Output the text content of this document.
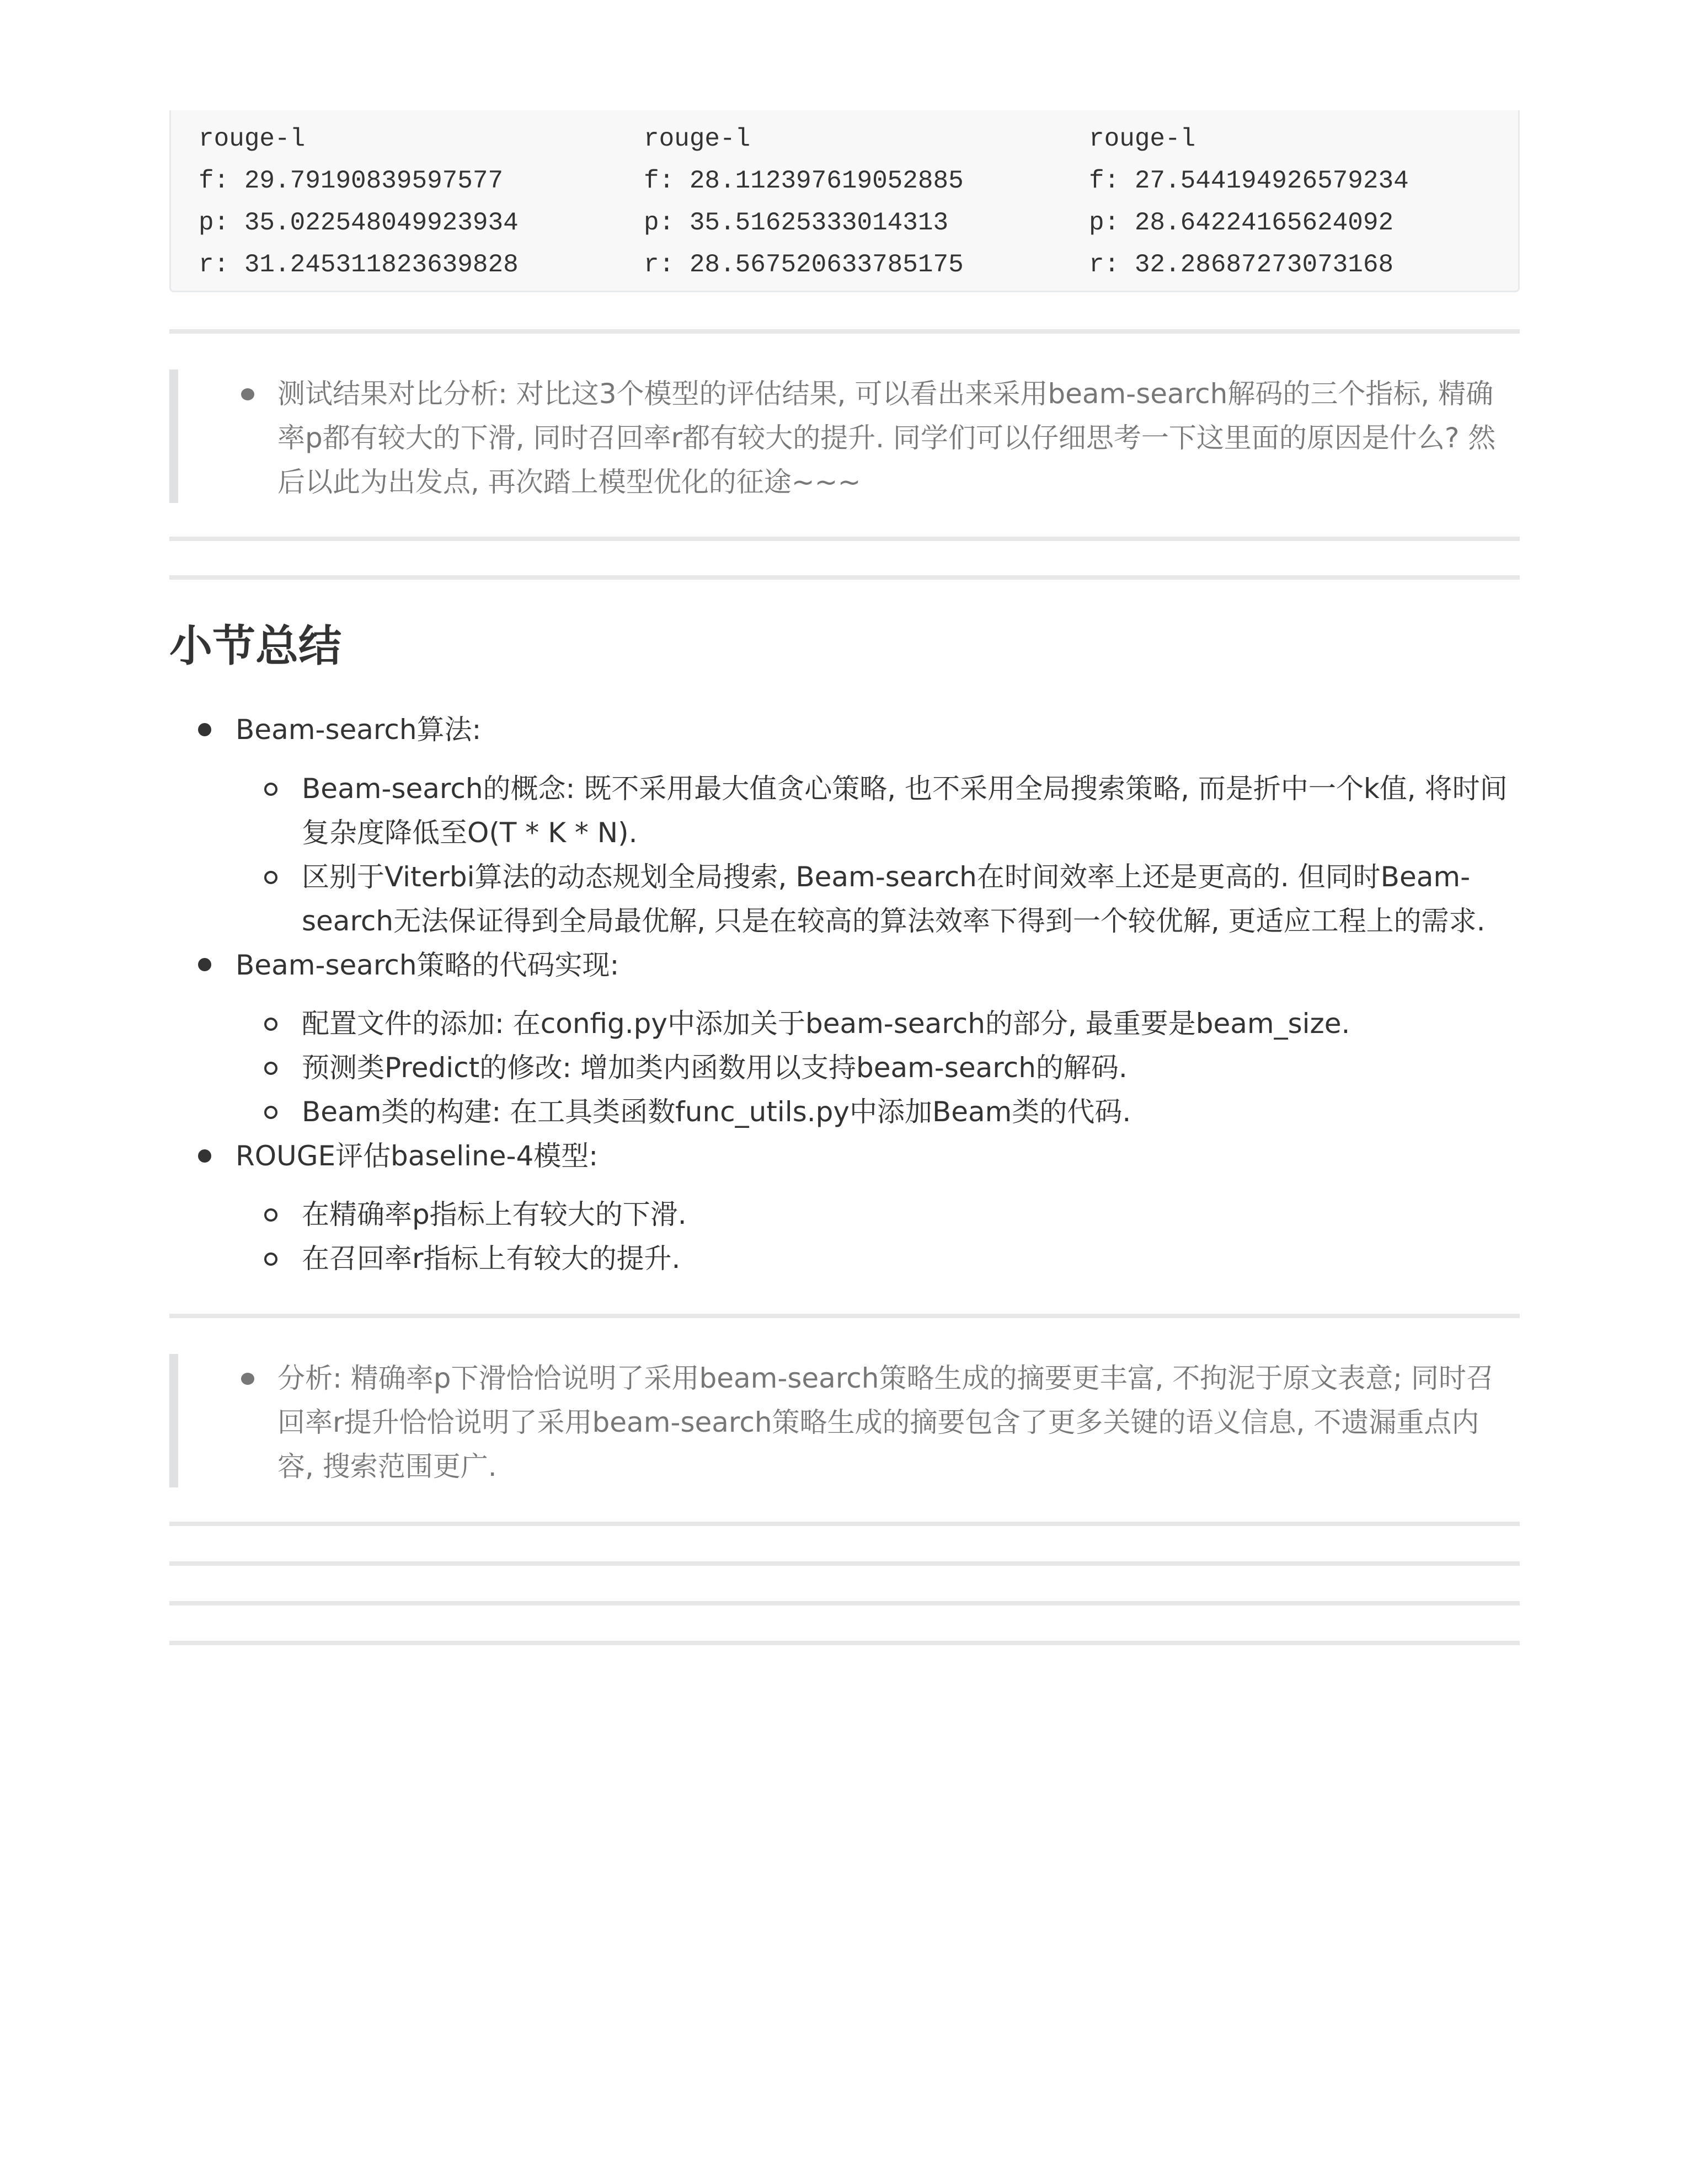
rouge-l
f: 29.79190839597577
p: 35.022548049923934
r: 31.245311823639828
rouge-l
f: 28.112397619052885
p: 35.51625333014313
r: 28.567520633785175
rouge-l
f: 27.544194926579234
p: 28.64224165624092
r: 32.28687273073168
测试结果对比分析: 对比这3个模型的评估结果, 可以看出来采用beam-search解码的三个指标, 精确率p都有较大的下滑, 同时召回率r都有较大的提升. 同学们可以仔细思考一下这里面的原因是什么? 然后以此为出发点, 再次踏上模型优化的征途~~~
小节总结
Beam-search算法:
Beam-search的概念: 既不采用最大值贪心策略, 也不采用全局搜索策略, 而是折中一个k值, 将时间复杂度降低至O(T * K * N).
区别于Viterbi算法的动态规划全局搜索, Beam-search在时间效率上还是更高的. 但同时Beam-search无法保证得到全局最优解, 只是在较高的算法效率下得到一个较优解, 更适应工程上的需求.
Beam-search策略的代码实现:
配置文件的添加: 在config.py中添加关于beam-search的部分, 最重要是beam_size.
预测类Predict的修改: 增加类内函数用以支持beam-search的解码.
Beam类的构建: 在工具类函数func_utils.py中添加Beam类的代码.
ROUGE评估baseline-4模型:
在精确率p指标上有较大的下滑.
在召回率r指标上有较大的提升.
分析: 精确率p下滑恰恰说明了采用beam-search策略生成的摘要更丰富, 不拘泥于原文表意; 同时召回率r提升恰恰说明了采用beam-search策略生成的摘要包含了更多关键的语义信息, 不遗漏重点内容, 搜索范围更广.
